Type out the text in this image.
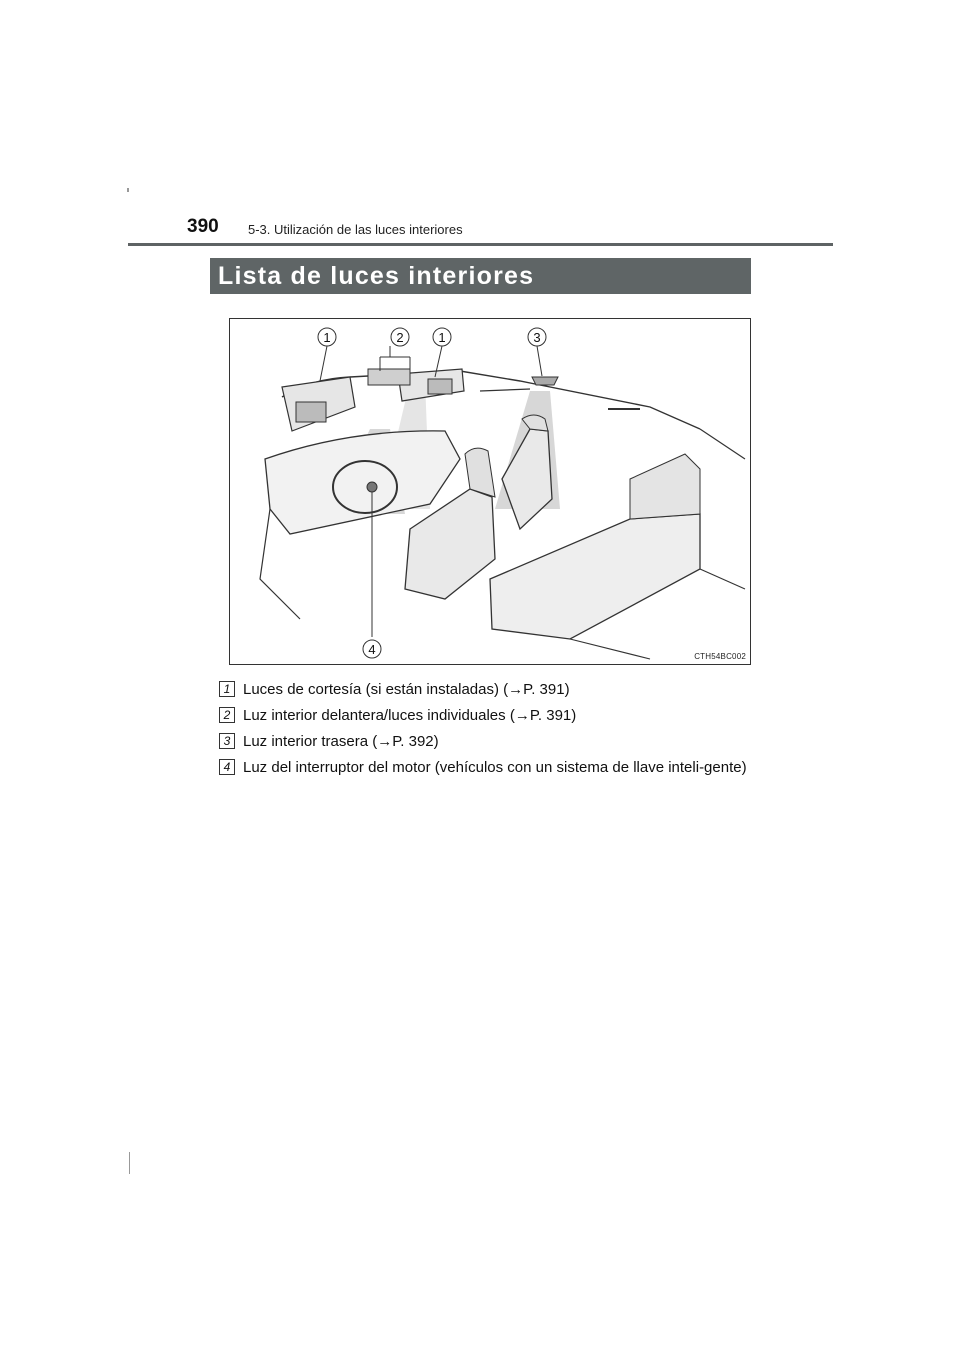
390 5-3. Utilización de las luces interiores
Lista de luces interiores
1	2	1	3
4	CTH54BC002
1 Luces de cortesía (si están instaladas) (→P. 391)
2 Luz interior delantera/luces individuales (→P. 391)
3 Luz interior trasera (→P. 392)
4 Luz del interruptor del motor (vehículos con un sistema de llave inteli-gente)
